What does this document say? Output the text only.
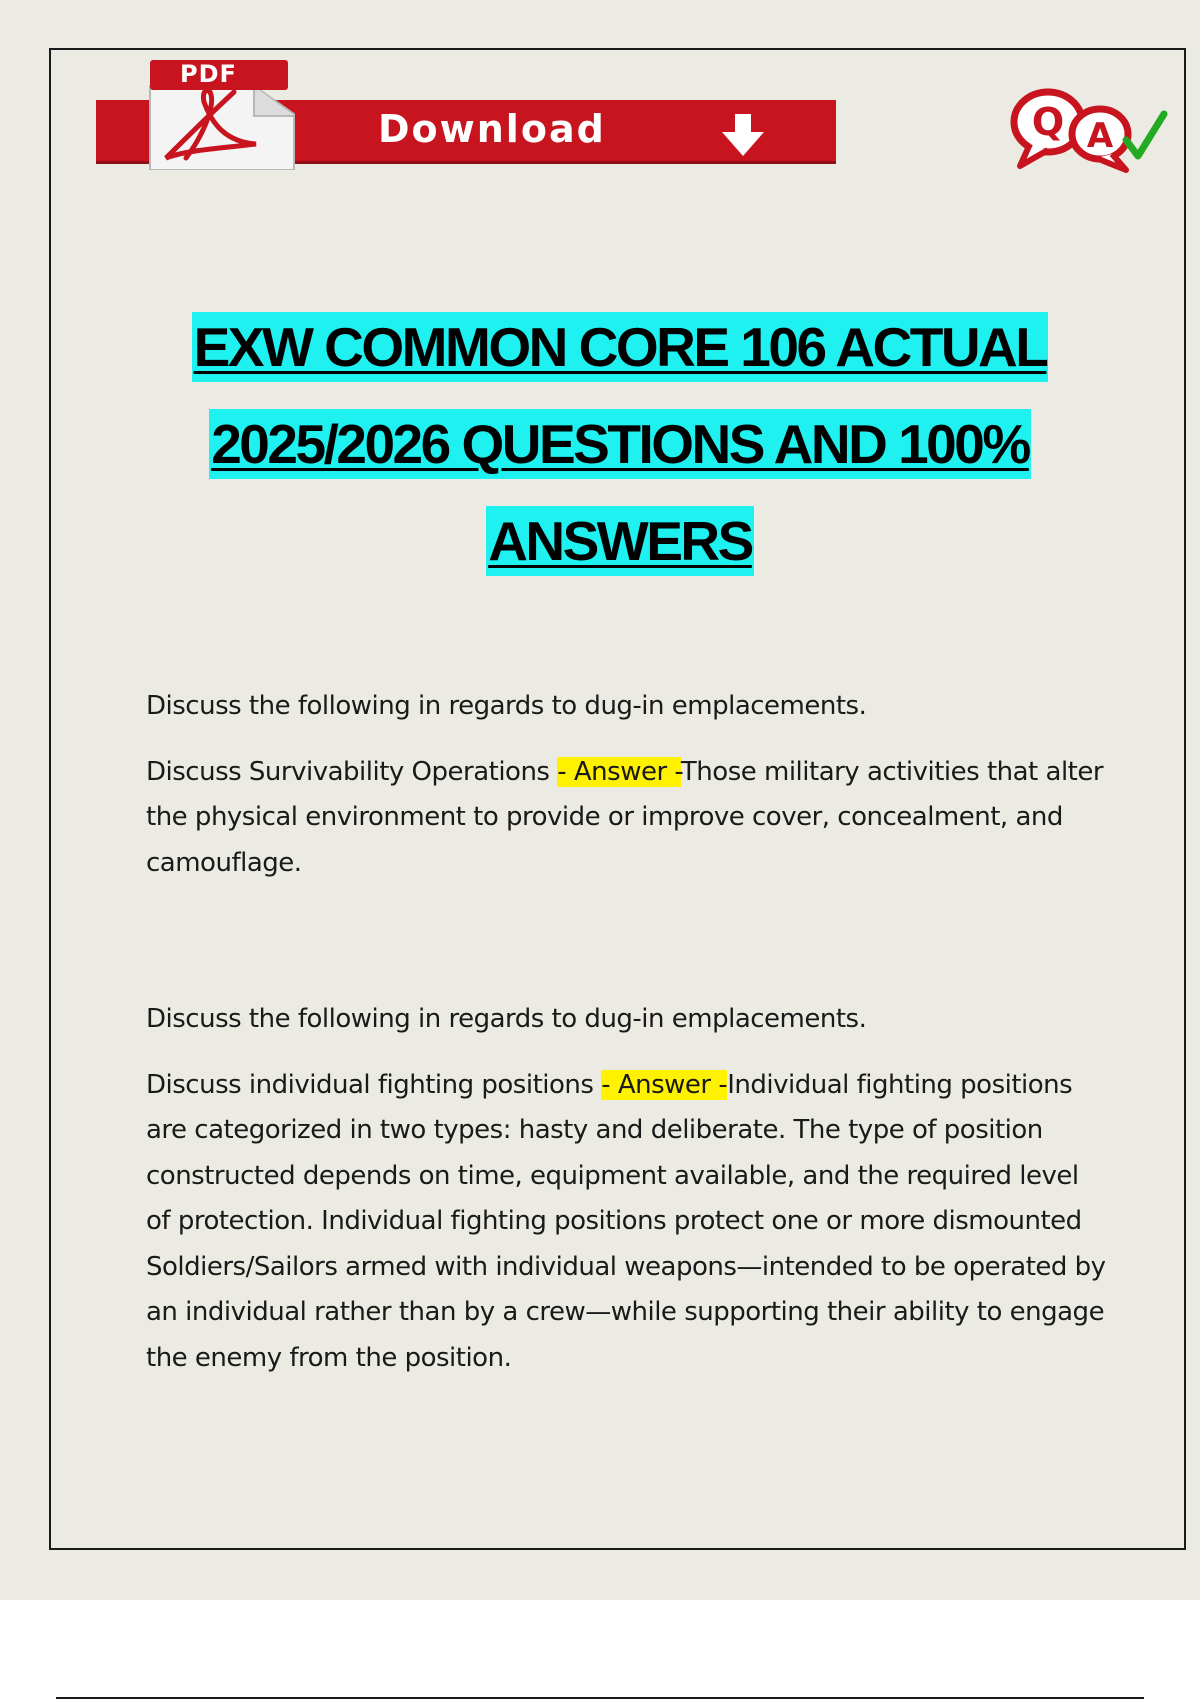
Download
PDF
Q A
EXW COMMON CORE 106 ACTUAL
2025/2026 QUESTIONS AND 100%
ANSWERS

Discuss the following in regards to dug-in emplacements.

Discuss Survivability Operations - Answer -Those military activities that alter the physical environment to provide or improve cover, concealment, and camouflage.

Discuss the following in regards to dug-in emplacements.

Discuss individual fighting positions - Answer -Individual fighting positions are categorized in two types: hasty and deliberate. The type of position constructed depends on time, equipment available, and the required level of protection. Individual fighting positions protect one or more dismounted Soldiers/Sailors armed with individual weapons—intended to be operated by an individual rather than by a crew—while supporting their ability to engage the enemy from the position.
